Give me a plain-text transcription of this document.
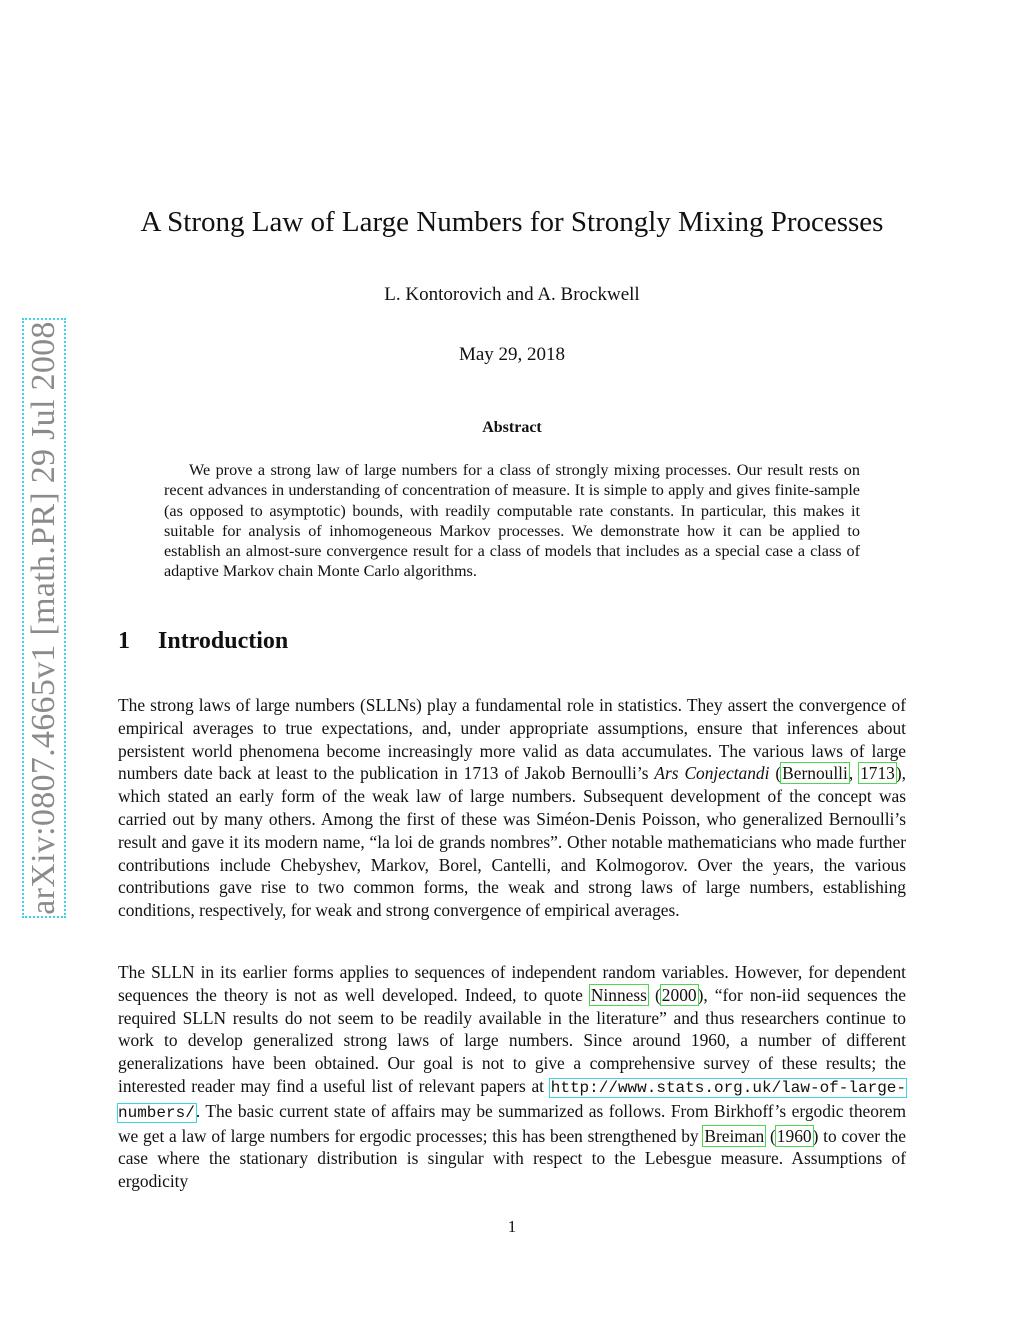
arXiv:0807.4665v1 [math.PR] 29 Jul 2008
A Strong Law of Large Numbers for Strongly Mixing Processes
L. Kontorovich and A. Brockwell
May 29, 2018
Abstract

We prove a strong law of large numbers for a class of strongly mixing processes. Our result rests on recent advances in understanding of concentration of measure. It is simple to apply and gives finite-sample (as opposed to asymptotic) bounds, with readily computable rate constants. In particular, this makes it suitable for analysis of inhomogeneous Markov processes. We demonstrate how it can be applied to establish an almost-sure convergence result for a class of models that includes as a special case a class of adaptive Markov chain Monte Carlo algorithms.

1 Introduction

The strong laws of large numbers (SLLNs) play a fundamental role in statistics. They assert the convergence of empirical averages to true expectations, and, under appropriate assumptions, ensure that inferences about persistent world phenomena become increasingly more valid as data accumulates. The various laws of large numbers date back at least to the publication in 1713 of Jakob Bernoulli’s Ars Conjectandi (Bernoulli, 1713), which stated an early form of the weak law of large numbers. Subsequent development of the concept was carried out by many others. Among the first of these was Siméon-Denis Poisson, who generalized Bernoulli’s result and gave it its modern name, “la loi de grands nombres”. Other notable mathematicians who made further contributions include Chebyshev, Markov, Borel, Cantelli, and Kolmogorov. Over the years, the various contributions gave rise to two common forms, the weak and strong laws of large numbers, establishing conditions, respectively, for weak and strong convergence of empirical averages.

The SLLN in its earlier forms applies to sequences of independent random variables. However, for dependent sequences the theory is not as well developed. Indeed, to quote Ninness (2000), “for non-iid sequences the required SLLN results do not seem to be readily available in the literature” and thus researchers continue to work to develop generalized strong laws of large numbers. Since around 1960, a number of different generalizations have been obtained. Our goal is not to give a comprehensive survey of these results; the interested reader may find a useful list of relevant papers at http://www.stats.org.uk/law-of-large-numbers/. The basic current state of affairs may be summarized as follows. From Birkhoff’s ergodic theorem we get a law of large numbers for ergodic processes; this has been strengthened by Breiman (1960) to cover the case where the stationary distribution is singular with respect to the Lebesgue measure. Assumptions of ergodicity

1
